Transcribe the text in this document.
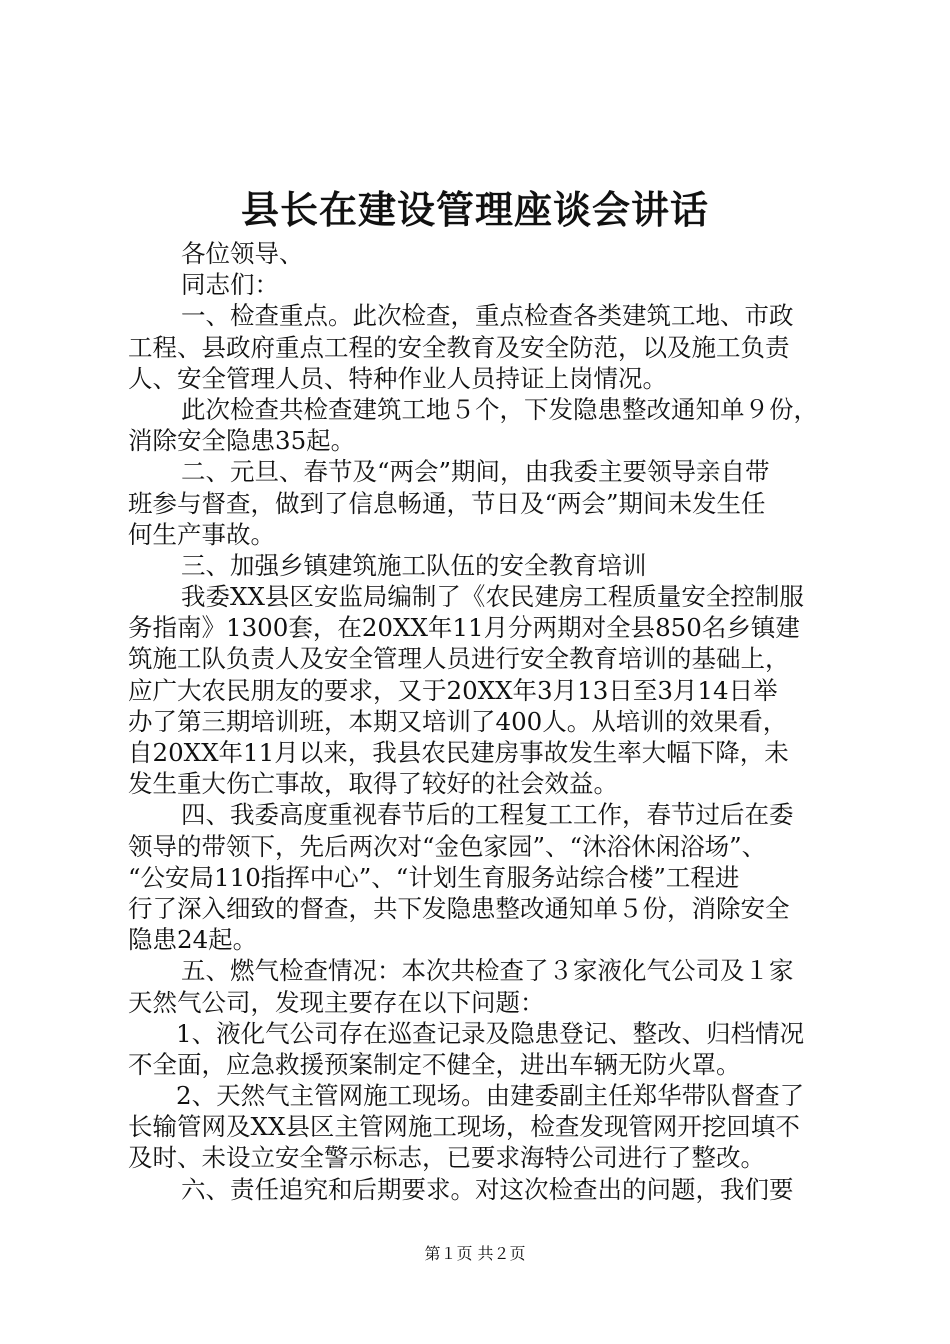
县长在建设管理座谈会讲话
各位领导、
同志们：
一、检查重点。此次检查，重点检查各类建筑工地、市政
工程、县政府重点工程的安全教育及安全防范，以及施工负责
人、安全管理人员、特种作业人员持证上岗情况。
此次检查共检查建筑工地５个，下发隐患整改通知单９份，
消除安全隐患35起。
二、元旦、春节及“两会”期间，由我委主要领导亲自带
班参与督查，做到了信息畅通，节日及“两会”期间未发生任
何生产事故。
三、加强乡镇建筑施工队伍的安全教育培训
我委XX县区安监局编制了《农民建房工程质量安全控制服
务指南》1300套，在20XX年11月分两期对全县850名乡镇建
筑施工队负责人及安全管理人员进行安全教育培训的基础上，
应广大农民朋友的要求，又于20XX年3月13日至3月14日举
办了第三期培训班，本期又培训了400人。从培训的效果看，
自20XX年11月以来，我县农民建房事故发生率大幅下降，未
发生重大伤亡事故，取得了较好的社会效益。
四、我委高度重视春节后的工程复工工作，春节过后在委
领导的带领下，先后两次对“金色家园”、“沐浴休闲浴场”、
“公安局110指挥中心”、“计划生育服务站综合楼”工程进
行了深入细致的督查，共下发隐患整改通知单５份，消除安全
隐患24起。
五、燃气检查情况：本次共检查了３家液化气公司及１家
天然气公司，发现主要存在以下问题：
1、液化气公司存在巡查记录及隐患登记、整改、归档情况
不全面，应急救援预案制定不健全，进出车辆无防火罩。
2、天然气主管网施工现场。由建委副主任郑华带队督查了
长输管网及XX县区主管网施工现场，检查发现管网开挖回填不
及时、未设立安全警示标志，已要求海特公司进行了整改。
六、责任追究和后期要求。对这次检查出的问题，我们要
第１页 共２页
